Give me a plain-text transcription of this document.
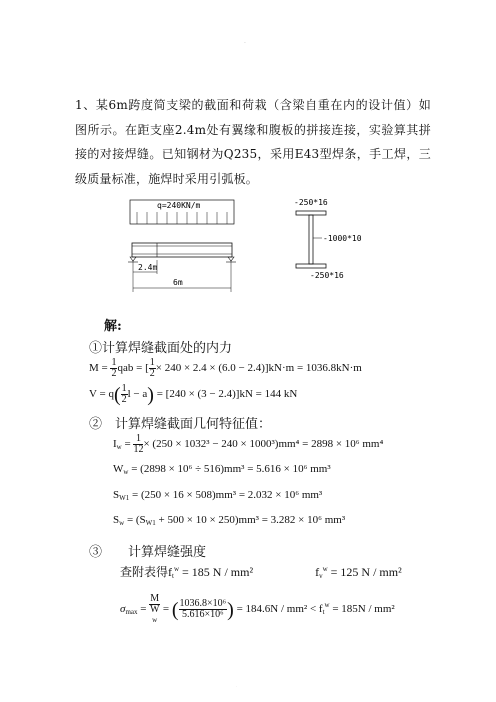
·
1、某6m跨度简支梁的截面和荷栽（含梁自重在内的设计值）如图所示。在距支座2.4m处有翼缘和腹板的拼接连接，实验算其拼接的对接焊缝。已知钢材为Q235，采用E43型焊条，手工焊，三级质量标准，施焊时采用引弧板。
q=240KN/m
2.4m
6m
-250*16
-1000*10
-250*16
解:
①计算焊缝截面处的内力
$M = \frac{1}{2}$ qab = [ $\frac{1}{2} \times 240 \times 2.4 \times (6.0 - 2.4)]kN\cdot m = 1036.8kN\cdot m$
$V = q( \frac{1}{2}$ l − a) = [240 × (3 − 2.4)]kN = 144 kN
②　计算焊缝截面几何特征值：
$I_w = \frac{1}{12} \times (250 \times 1032^3 - 240 \times 1000^3)mm^4 = 2898 \times 10^6$ mm⁴
$W_w = (2898 \times 10^6 \div 516)mm^3 = 5.616 \times 10^6$ mm³
$S_{W1} = (250 \times 16 \times 508)mm^3 = 2.032 \times 10^6$ mm³
$S_w = (S_{W1} + 500 \times 10 \times 250)mm^3 = 3.282 \times 10^6$ mm³
③　　计算焊缝强度
查附表得$f_t^w = 185$ N / mm²	$f_v^w = 125$ N / mm²
$\sigma_{max} = M$
W
w = ( $\frac{\text{1036.8×10⁶}}{\text{5.616×10⁶}}$ ) = $184.6N / mm^2 < f_t^w = 185N / mm^2$
·
